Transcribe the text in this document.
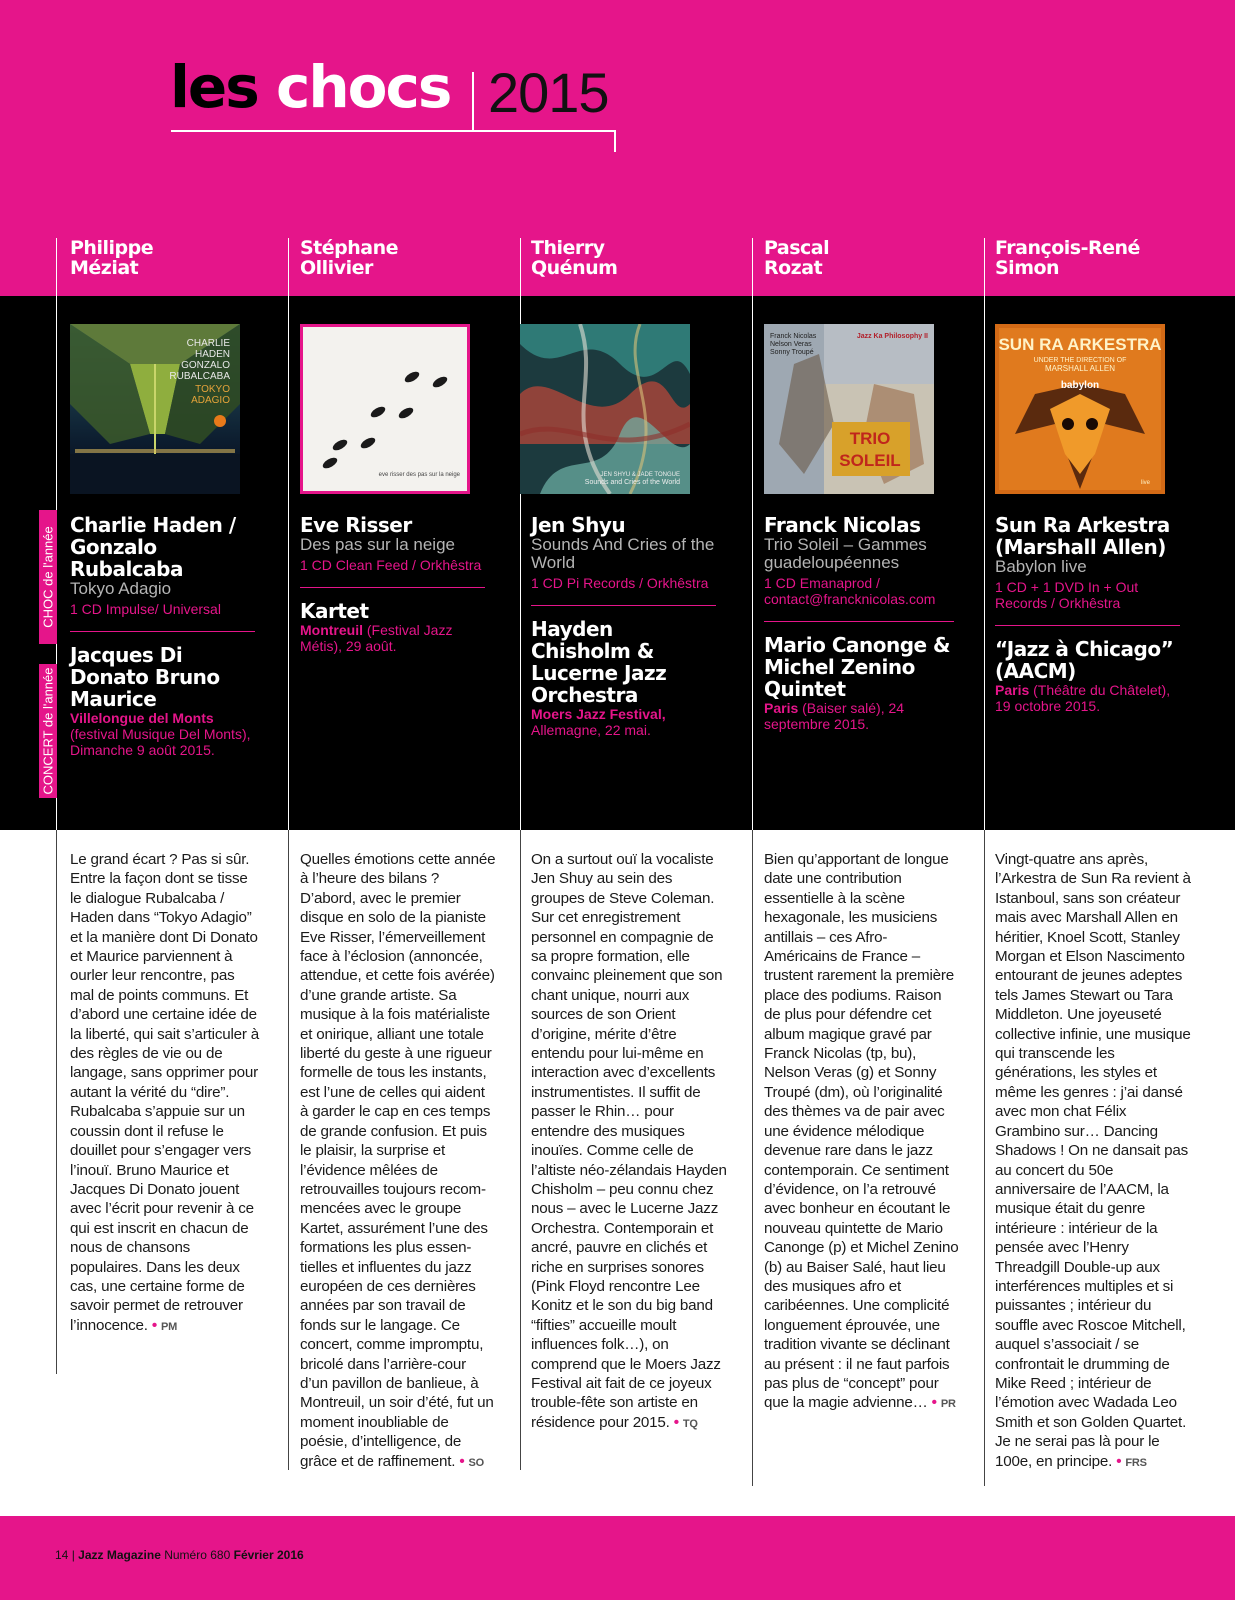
les chocs 2015
CHOC de l'année
CONCERT de l'année
Philippe
Méziat
Stéphane
Ollivier
Thierry
Quénum
Pascal
Rozat
François-René
Simon
CHARLIE
HADEN
GONZALO
RUBALCABA
TOKYO
ADAGIO
eve risser des pas sur la neige	JEN SHYU & JADE TONGUE
Sounds and Cries of the World
Franck Nicolas
Nelson Veras
Sonny Troupé
Jazz Ka Philosophy II
TRIO
SOLEIL
SUN RA ARKESTRA
UNDER THE DIRECTION OF
MARSHALL ALLEN
babylon
live
Charlie Haden / Gonzalo Rubalcaba
Tokyo Adagio
1 CD Impulse/ Universal
Jacques Di Donato Bruno Maurice
Villelongue del Monts (festival Musique Del Monts), Dimanche 9 août 2015.
Eve Risser
Des pas sur la neige
1 CD Clean Feed / Orkhêstra
Kartet
Montreuil (Festival Jazz Métis), 29 août.
Jen Shyu
Sounds And Cries of the World
1 CD Pi Records / Orkhêstra
Hayden Chisholm & Lucerne Jazz Orchestra
Moers Jazz Festival, Allemagne, 22 mai.
Franck Nicolas
Trio Soleil – Gammes guadeloupéennes
1 CD Emanaprod / contact@francknicolas.com
Mario Canonge & Michel Zenino Quintet
Paris (Baiser salé), 24 septembre 2015.
Sun Ra Arkestra (Marshall Allen)
Babylon live
1 CD + 1 DVD In + Out Records / Orkhêstra
“Jazz à Chicago” (AACM)
Paris (Théâtre du Châtelet), 19 octobre 2015.
Le grand écart ? Pas si sûr. Entre la façon dont se tisse le dialogue Rubalcaba / Haden dans “Tokyo Adagio” et la manière dont Di Donato et Maurice parviennent à ourler leur rencontre, pas mal de points communs. Et d’abord une certaine idée de la liberté, qui sait s’articuler à des règles de vie ou de langage, sans opprimer pour autant la vérité du “dire”. Rubalcaba s’appuie sur un coussin dont il refuse le douillet pour s’engager vers l’inouï. Bruno Maurice et Jacques Di Donato jouent avec l’écrit pour revenir à ce qui est inscrit en chacun de nous de chansons populaires. Dans les deux cas, une certaine forme de savoir permet de retrouver l’innocence. • PM
Quelles émotions cette année à l’heure des bilans ? D’abord, avec le premier disque en solo de la pianiste Eve Risser, l’émerveillement face à l’éclosion (annoncée, attendue, et cette fois avérée) d’une grande artiste. Sa musique à la fois matérialiste et onirique, alliant une totale liberté du geste à une rigueur formelle de tous les instants, est l’une de celles qui aident à garder le cap en ces temps de grande confusion. Et puis le plaisir, la surprise et l’évidence mêlées de retrouvailles toujours recommencées avec le groupe Kartet, assurément l’une des formations les plus essentielles et influentes du jazz européen de ces dernières années par son travail de fonds sur le langage. Ce concert, comme impromptu, bricolé dans l’arrière-cour d’un pavillon de banlieue, à Montreuil, un soir d’été, fut un moment inoubliable de poésie, d’intelligence, de grâce et de raffinement. • SO
On a surtout ouï la vocaliste Jen Shuy au sein des groupes de Steve Coleman. Sur cet enregistrement personnel en compagnie de sa propre formation, elle convainc pleinement que son chant unique, nourri aux sources de son Orient d’origine, mérite d’être entendu pour lui-même en interaction avec d’excellents instrumentistes. Il suffit de passer le Rhin… pour entendre des musiques inouïes. Comme celle de l’altiste néo-zélandais Hayden Chisholm – peu connu chez nous – avec le Lucerne Jazz Orchestra. Contemporain et ancré, pauvre en clichés et riche en surprises sonores (Pink Floyd rencontre Lee Konitz et le son du big band “fifties” accueille moult influences folk…), on comprend que le Moers Jazz Festival ait fait de ce joyeux trouble-fête son artiste en résidence pour 2015. • TQ
Bien qu’apportant de longue date une contribution essentielle à la scène hexagonale, les musiciens antillais – ces Afro-Américains de France – trustent rarement la première place des podiums. Raison de plus pour défendre cet album magique gravé par Franck Nicolas (tp, bu), Nelson Veras (g) et Sonny Troupé (dm), où l’originalité des thèmes va de pair avec une évidence mélodique devenue rare dans le jazz contemporain. Ce sentiment d’évidence, on l’a retrouvé avec bonheur en écoutant le nouveau quintette de Mario Canonge (p) et Michel Zenino (b) au Baiser Salé, haut lieu des musiques afro et caribéennes. Une complicité longuement éprouvée, une tradition vivante se déclinant au présent : il ne faut parfois pas plus de “concept” pour que la magie advienne… • PR
Vingt-quatre ans après, l’Arkestra de Sun Ra revient à Istanboul, sans son créateur mais avec Marshall Allen en héritier, Knoel Scott, Stanley Morgan et Elson Nascimento entourant de jeunes adeptes tels James Stewart ou Tara Middleton. Une joyeuseté collective infinie, une musique qui transcende les générations, les styles et même les genres : j’ai dansé avec mon chat Félix Grambino sur… Dancing Shadows ! On ne dansait pas au concert du 50e anniversaire de l’AACM, la musique était du genre intérieure : intérieur de la pensée avec l’Henry Threadgill Double-up aux interférences multiples et si puissantes ; intérieur du souffle avec Roscoe Mitchell, auquel s’associait / se confrontait le drumming de Mike Reed ; intérieur de l’émotion avec Wadada Leo Smith et son Golden Quartet. Je ne serai pas là pour le 100e, en principe. • FRS
14 | Jazz Magazine Numéro 680 Février 2016
